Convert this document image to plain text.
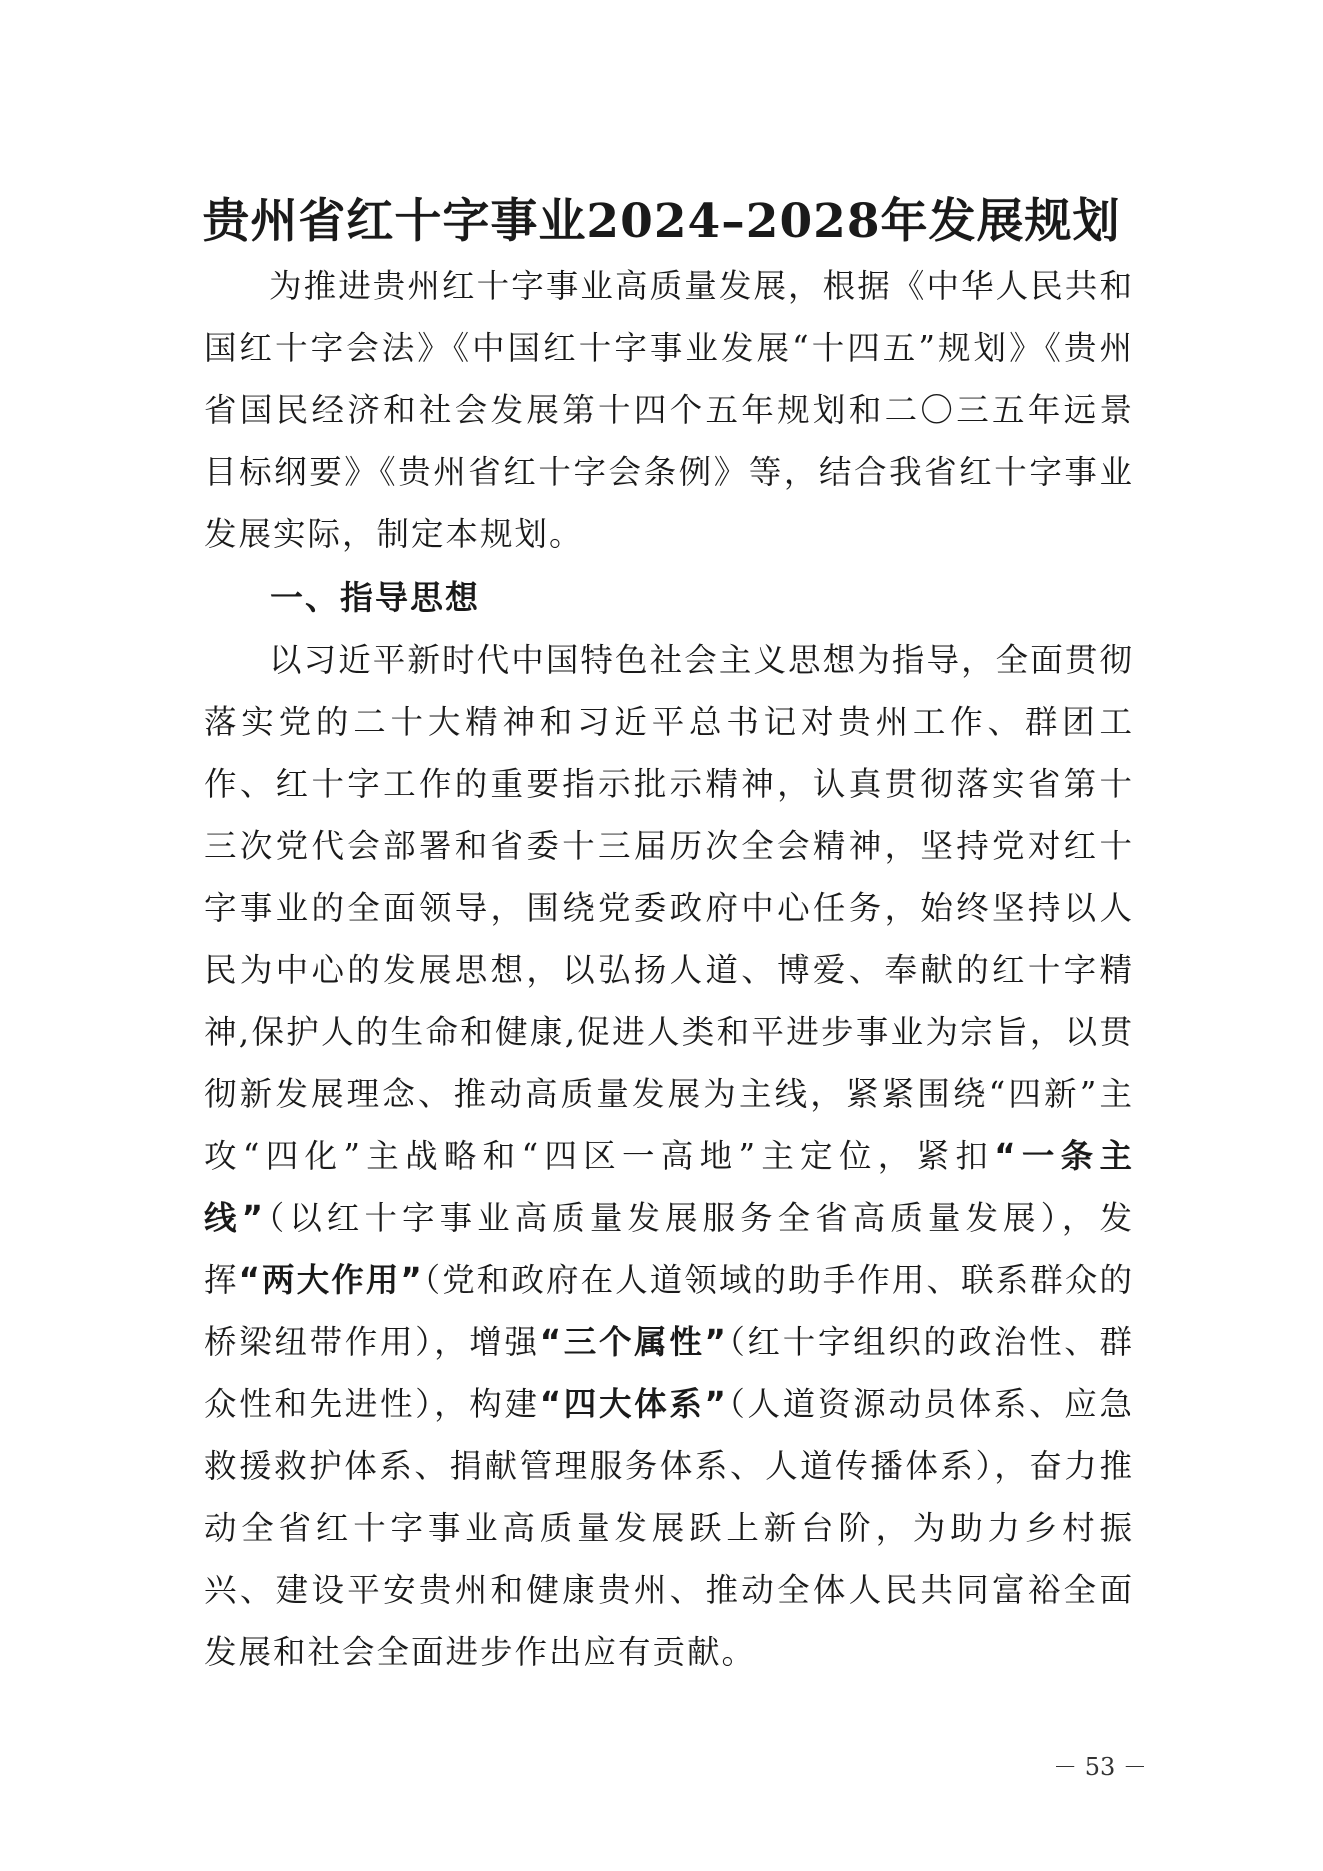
贵州省红十字事业2024–2028年发展规划

为推进贵州红十字事业高质量发展，根据《中华人民共和国红十字会法》《中国红十字事业发展“十四五”规划》《贵州省国民经济和社会发展第十四个五年规划和二〇三五年远景目标纲要》《贵州省红十字会条例》等，结合我省红十字事业发展实际，制定本规划。

一、指导思想

以习近平新时代中国特色社会主义思想为指导，全面贯彻落实党的二十大精神和习近平总书记对贵州工作、群团工作、红十字工作的重要指示批示精神，认真贯彻落实省第十三次党代会部署和省委十三届历次全会精神，坚持党对红十字事业的全面领导，围绕党委政府中心任务，始终坚持以人民为中心的发展思想，以弘扬人道、博爱、奉献的红十字精神,保护人的生命和健康,促进人类和平进步事业为宗旨，以贯彻新发展理念、推动高质量发展为主线，紧紧围绕“四新”主攻“四化”主战略和“四区一高地”主定位，紧扣“一条主线”（以红十字事业高质量发展服务全省高质量发展），发挥“两大作用”（党和政府在人道领域的助手作用、联系群众的桥梁纽带作用），增强“三个属性”（红十字组织的政治性、群众性和先进性），构建“四大体系”（人道资源动员体系、应急救援救护体系、捐献管理服务体系、人道传播体系），奋力推动全省红十字事业高质量发展跃上新台阶，为助力乡村振兴、建设平安贵州和健康贵州、推动全体人民共同富裕全面发展和社会全面进步作出应有贡献。

－ 53 －
